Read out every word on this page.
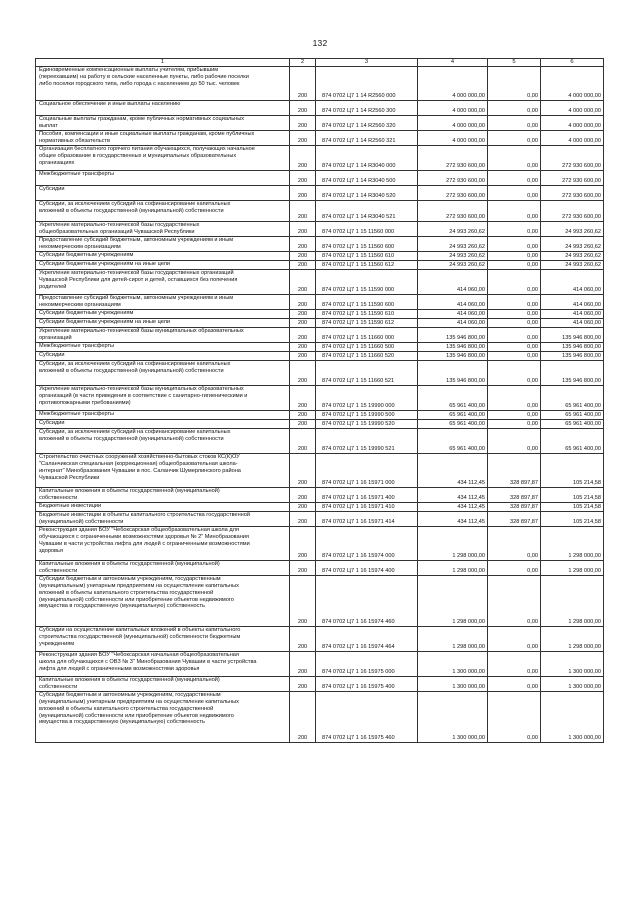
132
1	2	3	4	5	6
Единовременные компенсационные выплаты учителям, прибывшим
(переехавшим) на работу в сельские населенные пункты, либо рабочие поселки
либо поселки городского типа, либо города с населением до 50 тыс. человек	200	874 0702 Ц7 1 14 R2560 000	4 000 000,00	0,00	4 000 000,00
Социальное обеспечение и иные выплаты населению	200	874 0702 Ц7 1 14 R2560 300	4 000 000,00	0,00	4 000 000,00
Социальные выплаты гражданам, кроме публичных нормативных социальных
выплат	200	874 0702 Ц7 1 14 R2560 320	4 000 000,00	0,00	4 000 000,00
Пособия, компенсации и иные социальные выплаты гражданам, кроме публичных
нормативных обязательств	200	874 0702 Ц7 1 14 R2560 321	4 000 000,00	0,00	4 000 000,00
Организация бесплатного горячего питания обучающихся, получающих начальное
общее образование в государственных и муниципальных образовательных
организациях	200	874 0702 Ц7 1 14 R3040 000	272 930 600,00	0,00	272 930 600,00
Межбюджетные трансферты	200	874 0702 Ц7 1 14 R3040 500	272 930 600,00	0,00	272 930 600,00
Субсидии	200	874 0702 Ц7 1 14 R3040 520	272 930 600,00	0,00	272 930 600,00
Субсидии, за исключением субсидий на софинансирование капитальных
вложений в объекты государственной (муниципальной) собственности	200	874 0702 Ц7 1 14 R3040 521	272 930 600,00	0,00	272 930 600,00
Укрепление материально-технической базы государственных
общеобразовательных организаций Чувашской Республики	200	874 0702 Ц7 1 15 11560 000	24 993 260,62	0,00	24 993 260,62
Предоставление субсидий бюджетным, автономным учреждениям и иным
некоммерческим организациям	200	874 0702 Ц7 1 15 11560 600	24 993 260,62	0,00	24 993 260,62
Субсидии бюджетным учреждениям	200	874 0702 Ц7 1 15 11560 610	24 993 260,62	0,00	24 993 260,62
Субсидии бюджетным учреждениям на иные цели	200	874 0702 Ц7 1 15 11560 612	24 993 260,62	0,00	24 993 260,62
Укрепление материально-технической базы государственных организаций
Чувашской Республики для детей-сирот и детей, оставшихся без попечения
родителей	200	874 0702 Ц7 1 15 11590 000	414 060,00	0,00	414 060,00
Предоставление субсидий бюджетным, автономным учреждениям и иным
некоммерческим организациям	200	874 0702 Ц7 1 15 11590 600	414 060,00	0,00	414 060,00
Субсидии бюджетным учреждениям	200	874 0702 Ц7 1 15 11590 610	414 060,00	0,00	414 060,00
Субсидии бюджетным учреждениям на иные цели	200	874 0702 Ц7 1 15 11590 612	414 060,00	0,00	414 060,00
Укрепление материально-технической базы муниципальных образовательных
организаций	200	874 0702 Ц7 1 15 11660 000	135 946 800,00	0,00	135 946 800,00
Межбюджетные трансферты	200	874 0702 Ц7 1 15 11660 500	135 946 800,00	0,00	135 946 800,00
Субсидии	200	874 0702 Ц7 1 15 11660 520	135 946 800,00	0,00	135 946 800,00
Субсидии, за исключением субсидий на софинансирование капитальных
вложений в объекты государственной (муниципальной) собственности	200	874 0702 Ц7 1 15 11660 521	135 946 800,00	0,00	135 946 800,00
Укрепление материально-технической базы муниципальных образовательных
организаций (в части приведения в соответствие с санитарно-гигиеническими и
противопожарными требованиями)	200	874 0702 Ц7 1 15 19990 000	65 961 400,00	0,00	65 961 400,00
Межбюджетные трансферты	200	874 0702 Ц7 1 15 19990 500	65 961 400,00	0,00	65 961 400,00
Субсидии	200	874 0702 Ц7 1 15 19990 520	65 961 400,00	0,00	65 961 400,00
Субсидии, за исключением субсидий на софинансирование капитальных
вложений в объекты государственной (муниципальной) собственности	200	874 0702 Ц7 1 15 19990 521	65 961 400,00	0,00	65 961 400,00
Строительство очистных сооружений хозяйственно-бытовых стоков КС(К)ОУ
"Саланчикская специальная (коррекционная) общеобразовательная школа-
интернат" Минобразования Чувашии в пос. Саланчик Шумерлинского района
Чувашской Республики	200	874 0702 Ц7 1 16 15971 000	434 112,45	328 897,87	105 214,58
Капитальные вложения в объекты государственной (муниципальной)
собственности	200	874 0702 Ц7 1 16 15971 400	434 112,45	328 897,87	105 214,58
Бюджетные инвестиции	200	874 0702 Ц7 1 16 15971 410	434 112,45	328 897,87	105 214,58
Бюджетные инвестиции в объекты капитального строительства государственной
(муниципальной) собственности	200	874 0702 Ц7 1 16 15971 414	434 112,45	328 897,87	105 214,58
Реконструкция здания БОУ "Чебоксарская общеобразовательная школа для
обучающихся с ограниченными возможностями здоровья № 2" Минобразования
Чувашии в части устройства лифта для людей с ограниченными возможностями
здоровья	200	874 0702 Ц7 1 16 15974 000	1 298 000,00	0,00	1 298 000,00
Капитальные вложения в объекты государственной (муниципальной)
собственности	200	874 0702 Ц7 1 16 15974 400	1 298 000,00	0,00	1 298 000,00
Субсидии бюджетным и автономным учреждениям, государственным
(муниципальным) унитарным предприятиям на осуществление капитальных
вложений в объекты капитального строительства государственной
(муниципальной) собственности или приобретение объектов недвижимого
имущества в государственную (муниципальную) собственность	200	874 0702 Ц7 1 16 15974 460	1 298 000,00	0,00	1 298 000,00
Субсидии на осуществление капитальных вложений в объекты капитального
строительства государственной (муниципальной) собственности бюджетным
учреждениям	200	874 0702 Ц7 1 16 15974 464	1 298 000,00	0,00	1 298 000,00
Реконструкция здания БОУ "Чебоксарская начальная общеобразовательная
школа для обучающихся с ОВЗ № 3" Минобразования Чувашии в части устройства
лифта для людей с ограниченными возможностями здоровья	200	874 0702 Ц7 1 16 15975 000	1 300 000,00	0,00	1 300 000,00
Капитальные вложения в объекты государственной (муниципальной)
собственности	200	874 0702 Ц7 1 16 15975 400	1 300 000,00	0,00	1 300 000,00
Субсидии бюджетным и автономным учреждениям, государственным
(муниципальным) унитарным предприятиям на осуществление капитальных
вложений в объекты капитального строительства государственной
(муниципальной) собственности или приобретение объектов недвижимого
имущества в государственную (муниципальную) собственность	200	874 0702 Ц7 1 16 15975 460	1 300 000,00	0,00	1 300 000,00
